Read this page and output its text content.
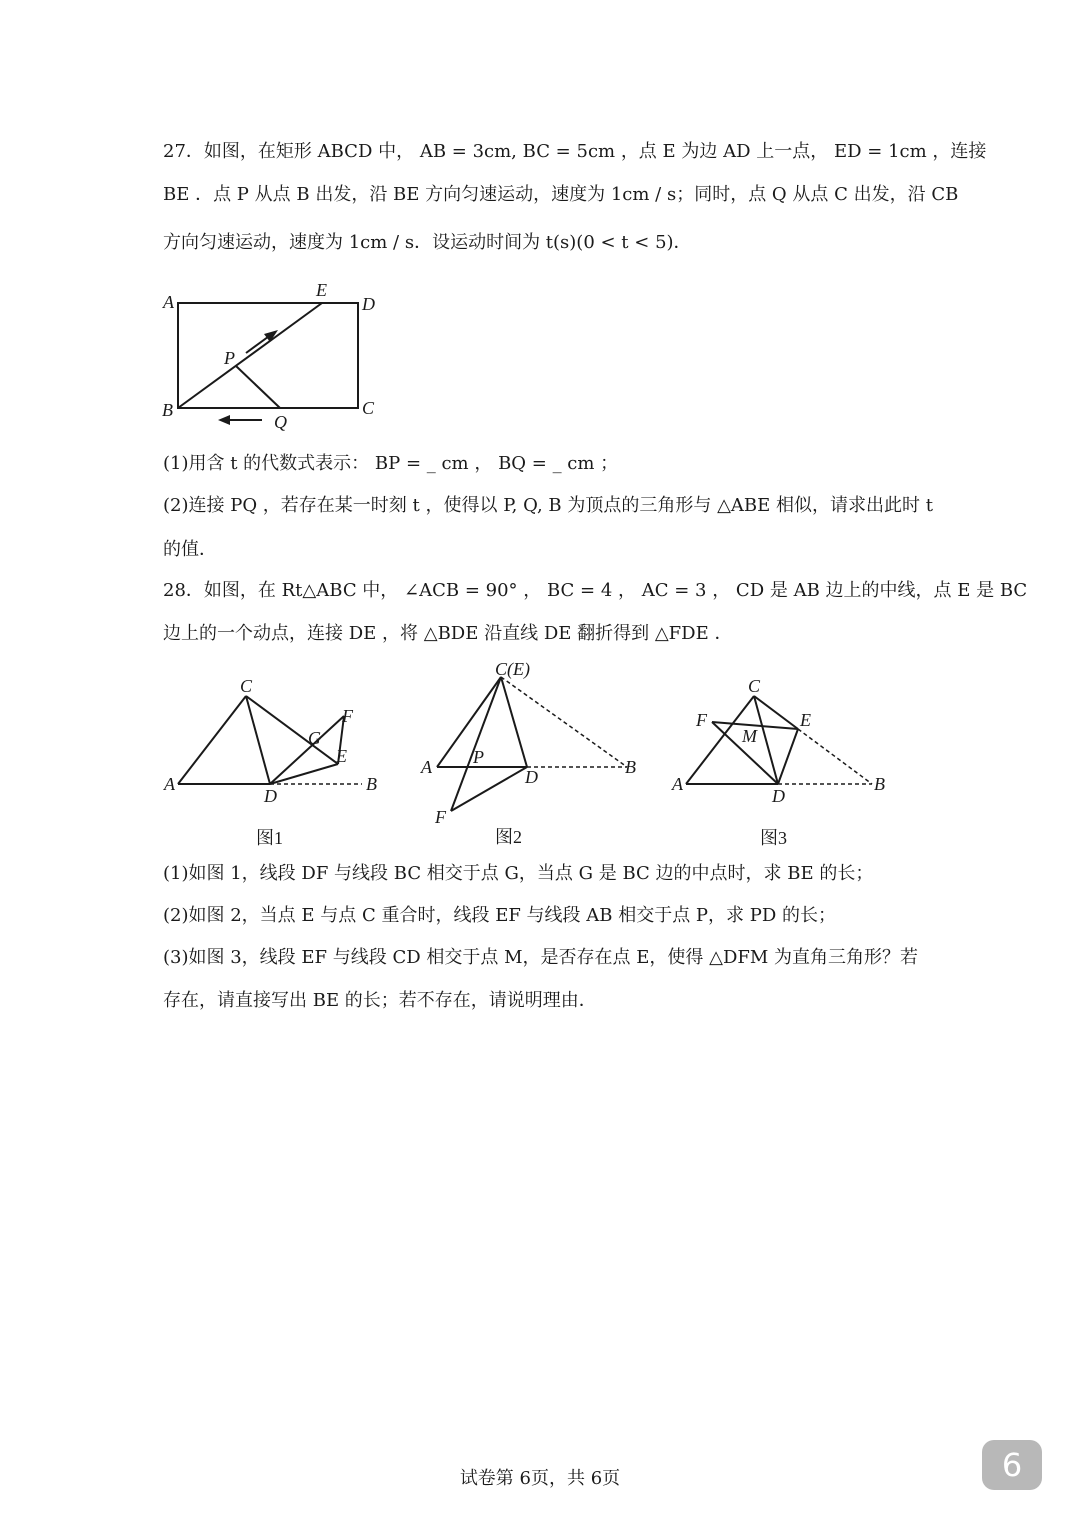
27．如图，在矩形 ABCD 中， AB = 3cm, BC = 5cm ，点 E 为边 AD 上一点， ED = 1cm ，连接
BE ．点 P 从点 B 出发，沿 BE 方向匀速运动，速度为 1cm / s；同时，点 Q 从点 C 出发，沿 CB
方向匀速运动，速度为 1cm / s．设运动时间为 t(s)(0 < t < 5)．
A
E
D
P
B	C
Q
(1)用含 t 的代数式表示： BP = _ cm ， BQ = _ cm ；
(2)连接 PQ ，若存在某一时刻 t ，使得以 P, Q, B 为顶点的三角形与 △ABE 相似，请求出此时 t
的值．
28．如图，在 Rt△ABC 中， ∠ACB = 90° ， BC = 4 ， AC = 3 ， CD 是 AB 边上的中线，点 E 是 BC
边上的一个动点，连接 DE ，将 △BDE 沿直线 DE 翻折得到 △FDE ．
C
F
G
E
A
D
B
图1
C(E)
A P
D	B
F
图2
C
F	E
M
A
D
B
图3
(1)如图 1，线段 DF 与线段 BC 相交于点 G，当点 G 是 BC 边的中点时，求 BE 的长；
(2)如图 2，当点 E 与点 C 重合时，线段 EF 与线段 AB 相交于点 P，求 PD 的长；
(3)如图 3，线段 EF 与线段 CD 相交于点 M，是否存在点 E，使得 △DFM 为直角三角形？若
存在，请直接写出 BE 的长；若不存在，请说明理由．
试卷第 6页，共 6页	6
